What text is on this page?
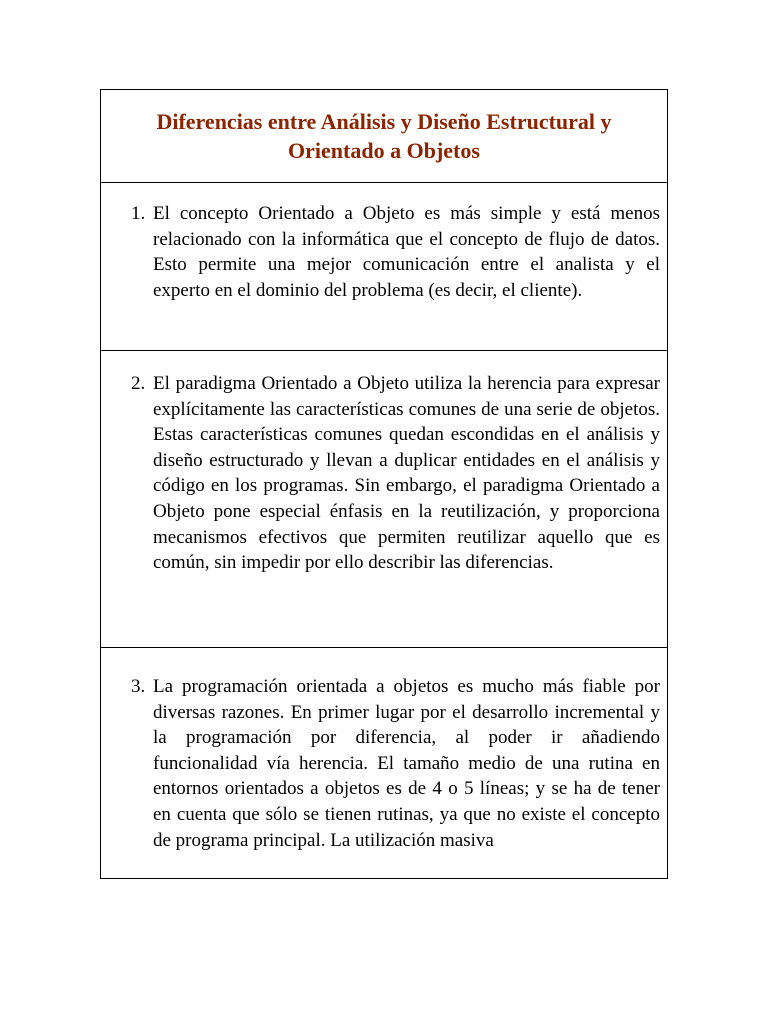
Diferencias entre Análisis y Diseño Estructural y Orientado a Objetos
1. El concepto Orientado a Objeto es más simple y está menos relacionado con la informática que el concepto de flujo de datos. Esto permite una mejor comunicación entre el analista y el experto en el dominio del problema (es decir, el cliente).
2. El paradigma Orientado a Objeto utiliza la herencia para expresar explícitamente las características comunes de una serie de objetos. Estas características comunes quedan escondidas en el análisis y diseño estructurado y llevan a duplicar entidades en el análisis y código en los programas. Sin embargo, el paradigma Orientado a Objeto pone especial énfasis en la reutilización, y proporciona mecanismos efectivos que permiten reutilizar aquello que es común, sin impedir por ello describir las diferencias.
3. La programación orientada a objetos es mucho más fiable por diversas razones. En primer lugar por el desarrollo incremental y la programación por diferencia, al poder ir añadiendo funcionalidad vía herencia. El tamaño medio de una rutina en entornos orientados a objetos es de 4 o 5 líneas; y se ha de tener en cuenta que sólo se tienen rutinas, ya que no existe el concepto de programa principal. La utilización masiva
